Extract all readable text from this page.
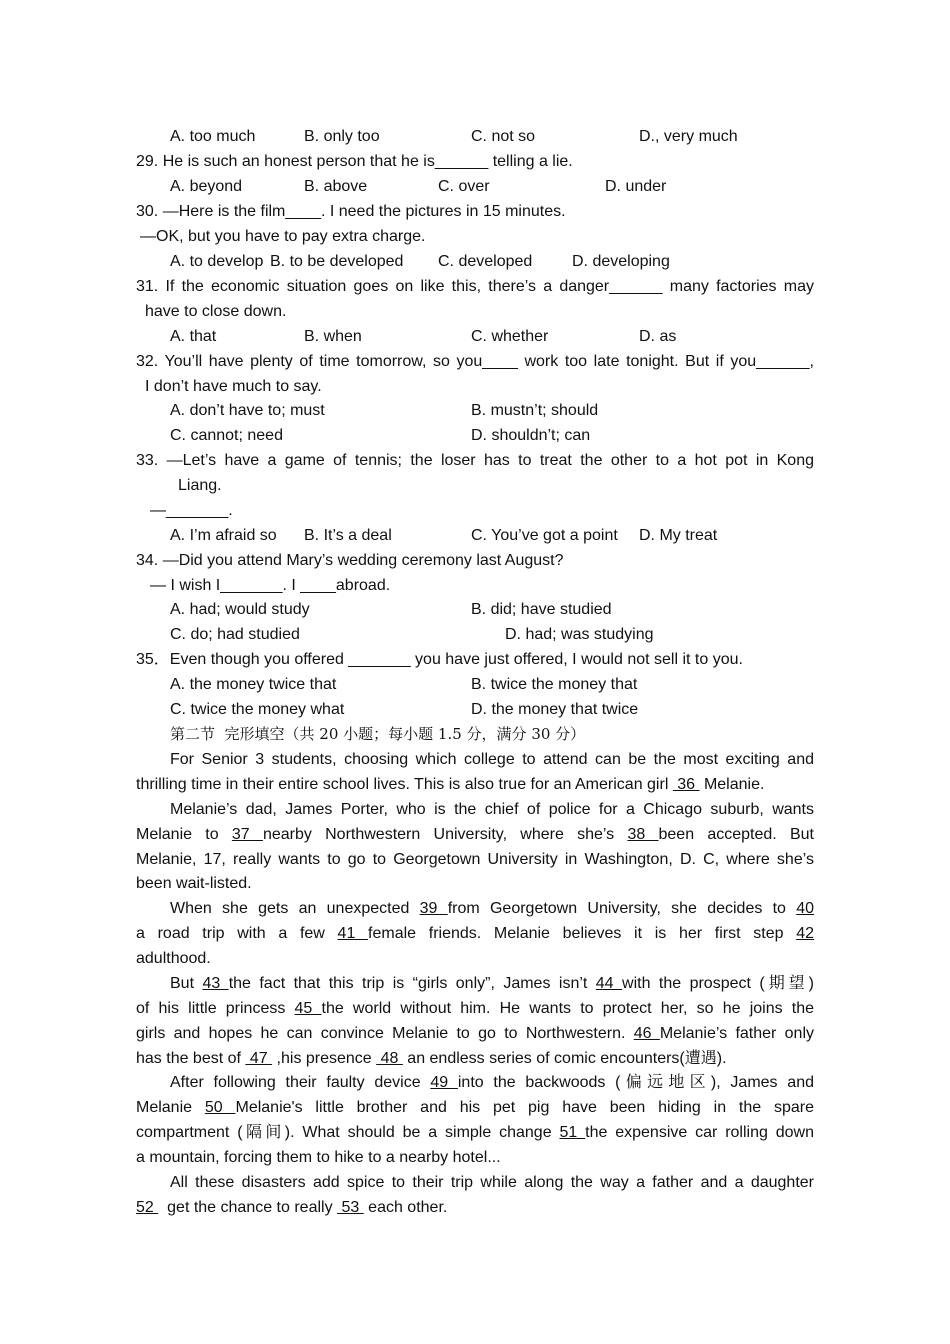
A. too much	B. only too	C. not so	D., very much
29. He is such an honest person that he is______ telling a lie.
A. beyond	B. above	C. over	D. under
30. —Here is the film____. I need the pictures in 15 minutes.
—OK, but you have to pay extra charge.
A. to develop B. to be developed C. developed D. developing
31. If the economic situation goes on like this, there’s a danger______ many factories may
have to close down.
A. that	B. when	C. whether	D. as
32. You’ll have plenty of time tomorrow, so you____ work too late tonight. But if you______,
I don’t have much to say.
A. don’t have to; must	B. mustn’t; should
C. cannot; need	D. shouldn’t; can
33. —Let’s have a game of tennis; the loser has to treat the other to a hot pot in Kong
Liang.
—_______.
A. I’m afraid so B. It’s a deal	C. You’ve got a point D. My treat
34. —Did you attend Mary’s wedding ceremony last August?
— I wish I_______. I ____abroad.
A. had; would study	B. did; have studied
C. do; had studied	D. had; was studying
35．Even though you offered _______ you have just offered, I would not sell it to you.
A. the money twice that	B. twice the money that
C. twice the money what	D. the money that twice
第二节  完形填空（共 20 小题；每小题 1.5 分，满分 30 分）
For Senior 3 students, choosing which college to attend can be the most exciting and
thrilling time in their entire school lives. This is also true for an American girl  36  Melanie.
Melanie’s dad, James Porter, who is the chief of police for a Chicago suburb, wants
Melanie to 37 nearby Northwestern University, where she’s 38 been accepted. But
Melanie, 17, really wants to go to Georgetown University in Washington, D. C, where she’s
been wait-listed.
When she gets an unexpected 39 from Georgetown University, she decides to 40
a road trip with a few 41 female friends. Melanie believes it is her first step 42
adulthood.
But 43 the fact that this trip is “girls only”, James isn’t 44 with the prospect (期望)
of his little princess 45 the world without him. He wants to protect her, so he joins the
girls and hopes he can convince Melanie to go to Northwestern. 46 Melanie’s father only
has the best of  47  ,his presence  48  an endless series of comic encounters(遭遇).
After following their faulty device 49 into the backwoods (偏远地区), James and
Melanie 50 Melanie's little brother and his pet pig have been hiding in the spare
compartment (隔间). What should be a simple change 51 the expensive car rolling down
a mountain, forcing them to hike to a nearby hotel...
All these disasters add spice to their trip while along the way a father and a daughter
52   get the chance to really  53  each other.
